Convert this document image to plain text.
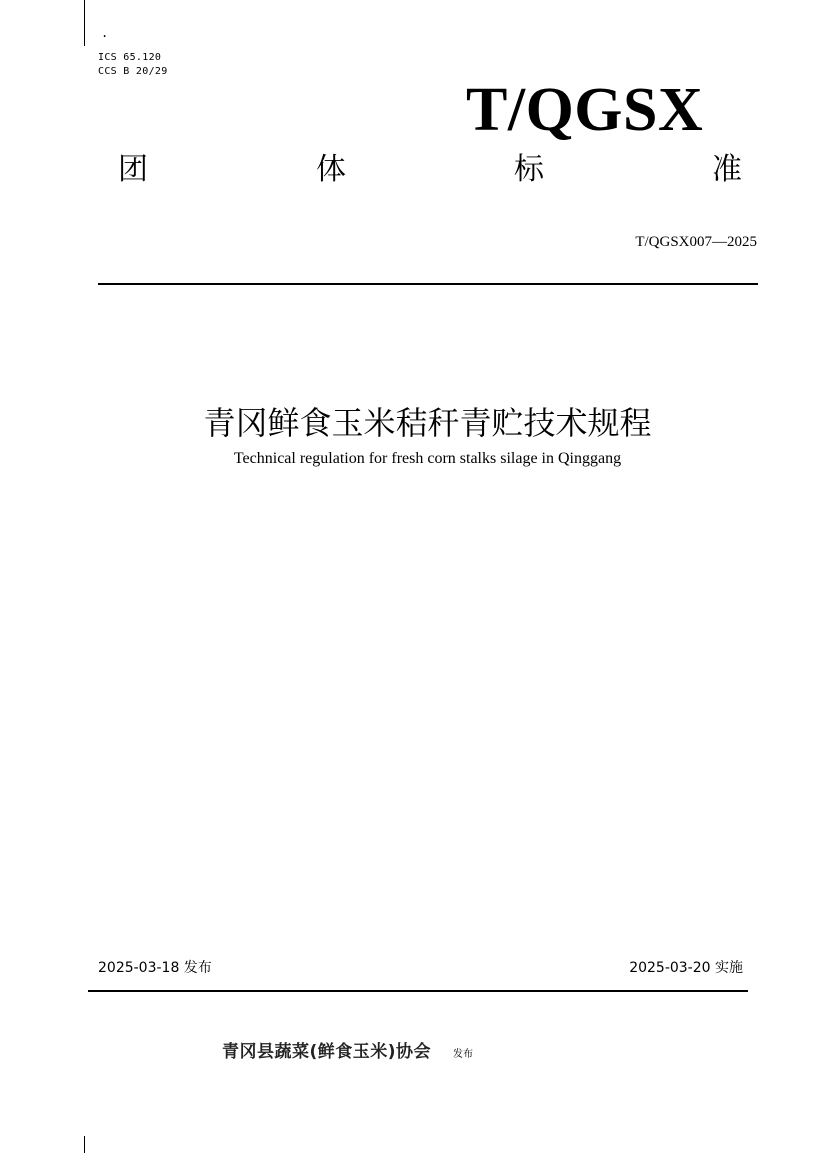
.
ICS 65.120
CCS B 20/29
T/QGSX
团	体	标	准
T/QGSX007—2025
青冈鲜食玉米秸秆青贮技术规程
Technical regulation for fresh corn stalks silage in Qinggang
2025-03-18 发布	2025-03-20 实施
青冈县蔬菜(鲜食玉米)协会 发布
